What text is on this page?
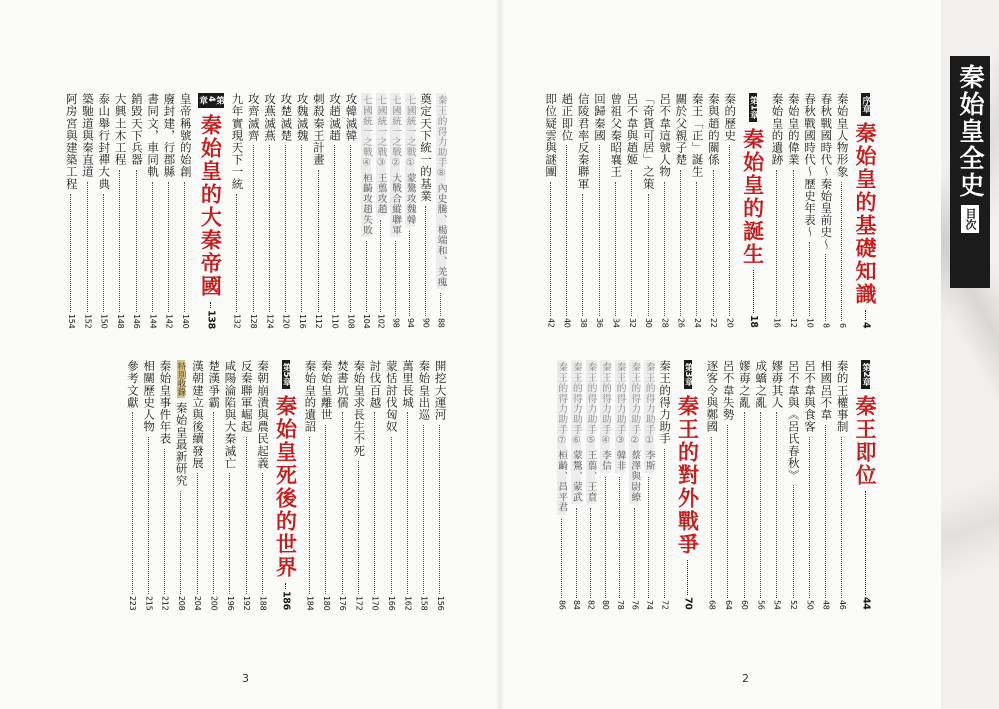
序章
秦始皇的基礎知識
4
秦始皇人物形象
6
春秋戰國時代～秦始皇前史～
8
春秋戰國時代～歷史年表～
10
秦始皇的偉業
12
秦始皇的遺跡
16
第1章
秦始皇的誕生
18
秦的歷史
20
秦與趙的關係
22
秦王「正」誕生
24
關於父親子楚
26
呂不韋這號人物
28
「奇貨可居」之策
30
呂不韋與趙姬
32
曾祖父秦昭襄王
34
回歸秦國
36
信陵君率反秦聯軍
38
趙正即位
40
即位疑雲與謎團
42
第2章
秦王即位
44
秦的王權事制
46
相國呂不韋
48
呂不韋與食客
50
呂不韋與《呂氏春秋》
52
嫪毐其人
54
成蟜之亂
56
嫪毐之亂
60
呂不韋失勢
64
逐客令與鄭國
68
第3章
秦王的對外戰爭
70
秦王的得力助手
72
秦王的得力助手① 李斯
74
秦王的得力助手② 蔡澤與尉繚
76
秦王的得力助手③ 韓非
78
秦王的得力助手④ 李信
80
秦王的得力助手⑤ 王翦、王賁
82
秦王的得力助手⑥ 蒙驁、蒙武
84
秦王的得力助手⑦ 桓齮、昌平君
86
秦王的得力助手⑧ 內史騰、楊端和、羌瘣
88
奠定天下統一的基業
90
七國統一之戰① 蒙驁攻魏韓
94
七國統一之戰② 大戰合縱聯軍
98
七國統一之戰③ 王翦攻趙
102
七國統一之戰④ 桓齮攻趙失敗
104
攻韓滅韓
108
攻趙滅趙
110
刺殺秦王計畫
112
攻魏滅魏
116
攻楚滅楚
120
攻燕滅燕
124
攻齊滅齊
128
九年實現天下一統
132
第4章
秦始皇的大秦帝國
138
皇帝稱號的始創
140
廢封建，行郡縣
142
書同文，車同軌
144
銷毀天下兵器
146
大興土木工程
148
泰山舉行封禪大典
150
築馳道與秦直道
152
阿房宮與建築工程
154
開挖大運河
156
秦始皇出巡
158
萬里長城
162
蒙恬討伐匈奴
166
討伐百越
170
秦始皇求長生不死
172
焚書坑儒
176
秦始皇離世
180
秦始皇的遺詔
184
第5章
秦始皇死後的世界
186
秦朝崩潰與農民起義
188
反秦聯軍崛起
192
咸陽淪陷與大秦滅亡
196
楚漢爭霸
200
漢朝建立與後續發展
204
特別收錄
秦始皇最新研究
208
秦始皇事件年表
212
相關歷史人物
215
參考文獻
223
3	2
秦始皇全史
目次
